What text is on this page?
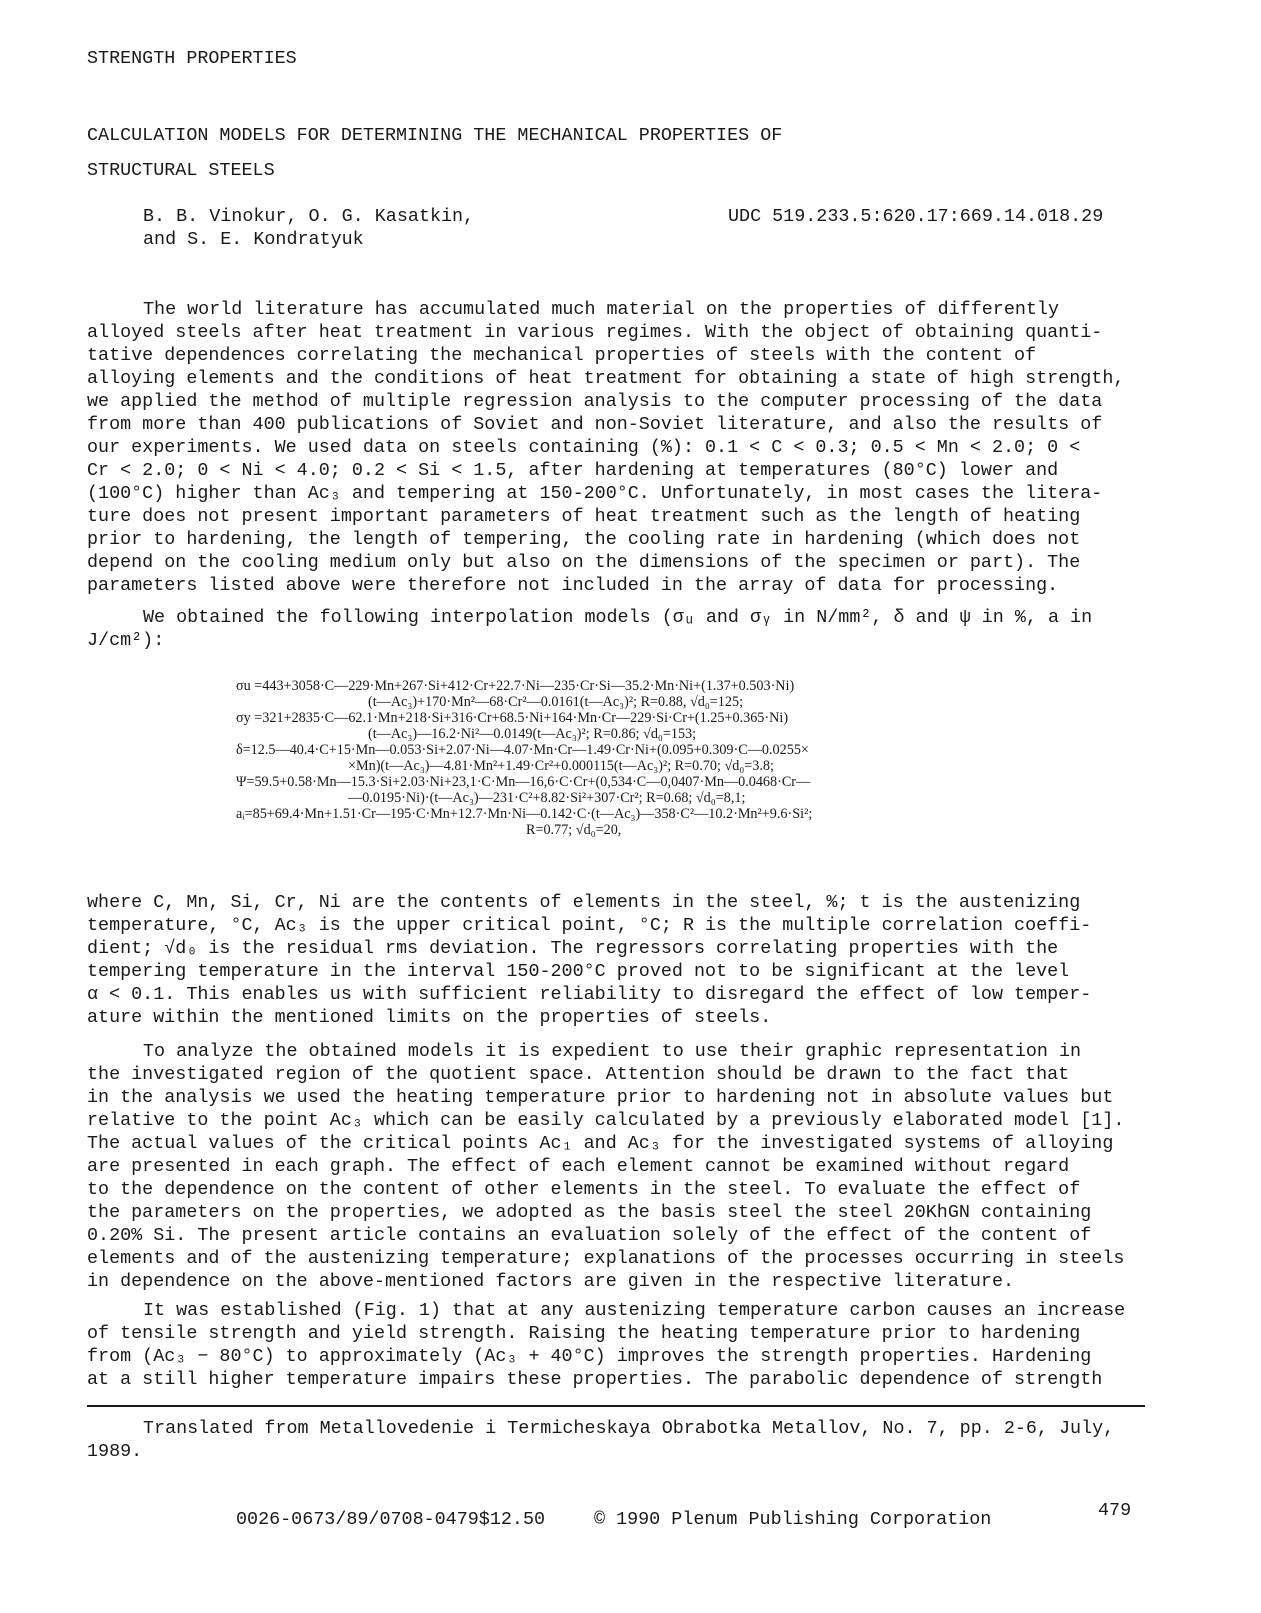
STRENGTH PROPERTIES
CALCULATION MODELS FOR DETERMINING THE MECHANICAL PROPERTIES OF
STRUCTURAL STEELS
B. B. Vinokur, O. G. Kasatkin,
and S. E. Kondratyuk
UDC 519.233.5:620.17:669.14.018.29
The world literature has accumulated much material on the properties of differently
alloyed steels after heat treatment in various regimes. With the object of obtaining quanti-
tative dependences correlating the mechanical properties of steels with the content of
alloying elements and the conditions of heat treatment for obtaining a state of high strength,
we applied the method of multiple regression analysis to the computer processing of the data
from more than 400 publications of Soviet and non-Soviet literature, and also the results of
our experiments. We used data on steels containing (%): 0.1 < C < 0.3; 0.5 < Mn < 2.0; 0 <
Cr < 2.0; 0 < Ni < 4.0; 0.2 < Si < 1.5, after hardening at temperatures (80°C) lower and
(100°C) higher than Ac₃ and tempering at 150-200°C. Unfortunately, in most cases the litera-
ture does not present important parameters of heat treatment such as the length of heating
prior to hardening, the length of tempering, the cooling rate in hardening (which does not
depend on the cooling medium only but also on the dimensions of the specimen or part). The
parameters listed above were therefore not included in the array of data for processing.
We obtained the following interpolation models (σᵤ and σᵧ in N/mm², δ and ψ in %, a in
J/cm²):
σu =443+3058·C—229·Mn+267·Si+412·Cr+22.7·Ni—235·Cr·Si—35.2·Mn·Ni+(1.37+0.503·Ni)
(t—Ac₃)+170·Mn²—68·Cr²—0.0161(t—Ac₃)²; R=0.88, √d₀=125;
σy =321+2835·C—62.1·Mn+218·Si+316·Cr+68.5·Ni+164·Mn·Cr—229·Si·Cr+(1.25+0.365·Ni)
(t—Ac₃)—16.2·Ni²—0.0149(t—Ac₃)²; R=0.86; √d₀=153;
δ=12.5—40.4·C+15·Mn—0.053·Si+2.07·Ni—4.07·Mn·Cr—1.49·Cr·Ni+(0.095+0.309·C—0.0255×
×Mn)(t—Ac₃)—4.81·Mn²+1.49·Cr²+0.000115(t—Ac₃)²; R=0.70; √d₀=3.8;
Ψ=59.5+0.58·Mn—15.3·Si+2.03·Ni+23,1·C·Mn—16,6·C·Cr+(0,534·C—0,0407·Mn—0.0468·Cr—
—0.0195·Ni)·(t—Ac₃)—231·C²+8.82·Si²+307·Cr²; R=0.68; √d₀=8,1;
aᵢ=85+69.4·Mn+1.51·Cr—195·C·Mn+12.7·Mn·Ni—0.142·C·(t—Ac₃)—358·C²—10.2·Mn²+9.6·Si²;
R=0.77; √d₀=20,
where C, Mn, Si, Cr, Ni are the contents of elements in the steel, %; t is the austenizing
temperature, °C, Ac₃ is the upper critical point, °C; R is the multiple correlation coeffi-
dient; √d₀ is the residual rms deviation. The regressors correlating properties with the
tempering temperature in the interval 150-200°C proved not to be significant at the level
α < 0.1. This enables us with sufficient reliability to disregard the effect of low temper-
ature within the mentioned limits on the properties of steels.
To analyze the obtained models it is expedient to use their graphic representation in
the investigated region of the quotient space. Attention should be drawn to the fact that
in the analysis we used the heating temperature prior to hardening not in absolute values but
relative to the point Ac₃ which can be easily calculated by a previously elaborated model [1].
The actual values of the critical points Ac₁ and Ac₃ for the investigated systems of alloying
are presented in each graph. The effect of each element cannot be examined without regard
to the dependence on the content of other elements in the steel. To evaluate the effect of
the parameters on the properties, we adopted as the basis steel the steel 20KhGN containing
0.20% Si. The present article contains an evaluation solely of the effect of the content of
elements and of the austenizing temperature; explanations of the processes occurring in steels
in dependence on the above-mentioned factors are given in the respective literature.
It was established (Fig. 1) that at any austenizing temperature carbon causes an increase
of tensile strength and yield strength. Raising the heating temperature prior to hardening
from (Ac₃ − 80°C) to approximately (Ac₃ + 40°C) improves the strength properties. Hardening
at a still higher temperature impairs these properties. The parabolic dependence of strength
Translated from Metallovedenie i Termicheskaya Obrabotka Metallov, No. 7, pp. 2-6, July,
1989.
0026-0673/89/0708-0479$12.50	© 1990 Plenum Publishing Corporation	479
